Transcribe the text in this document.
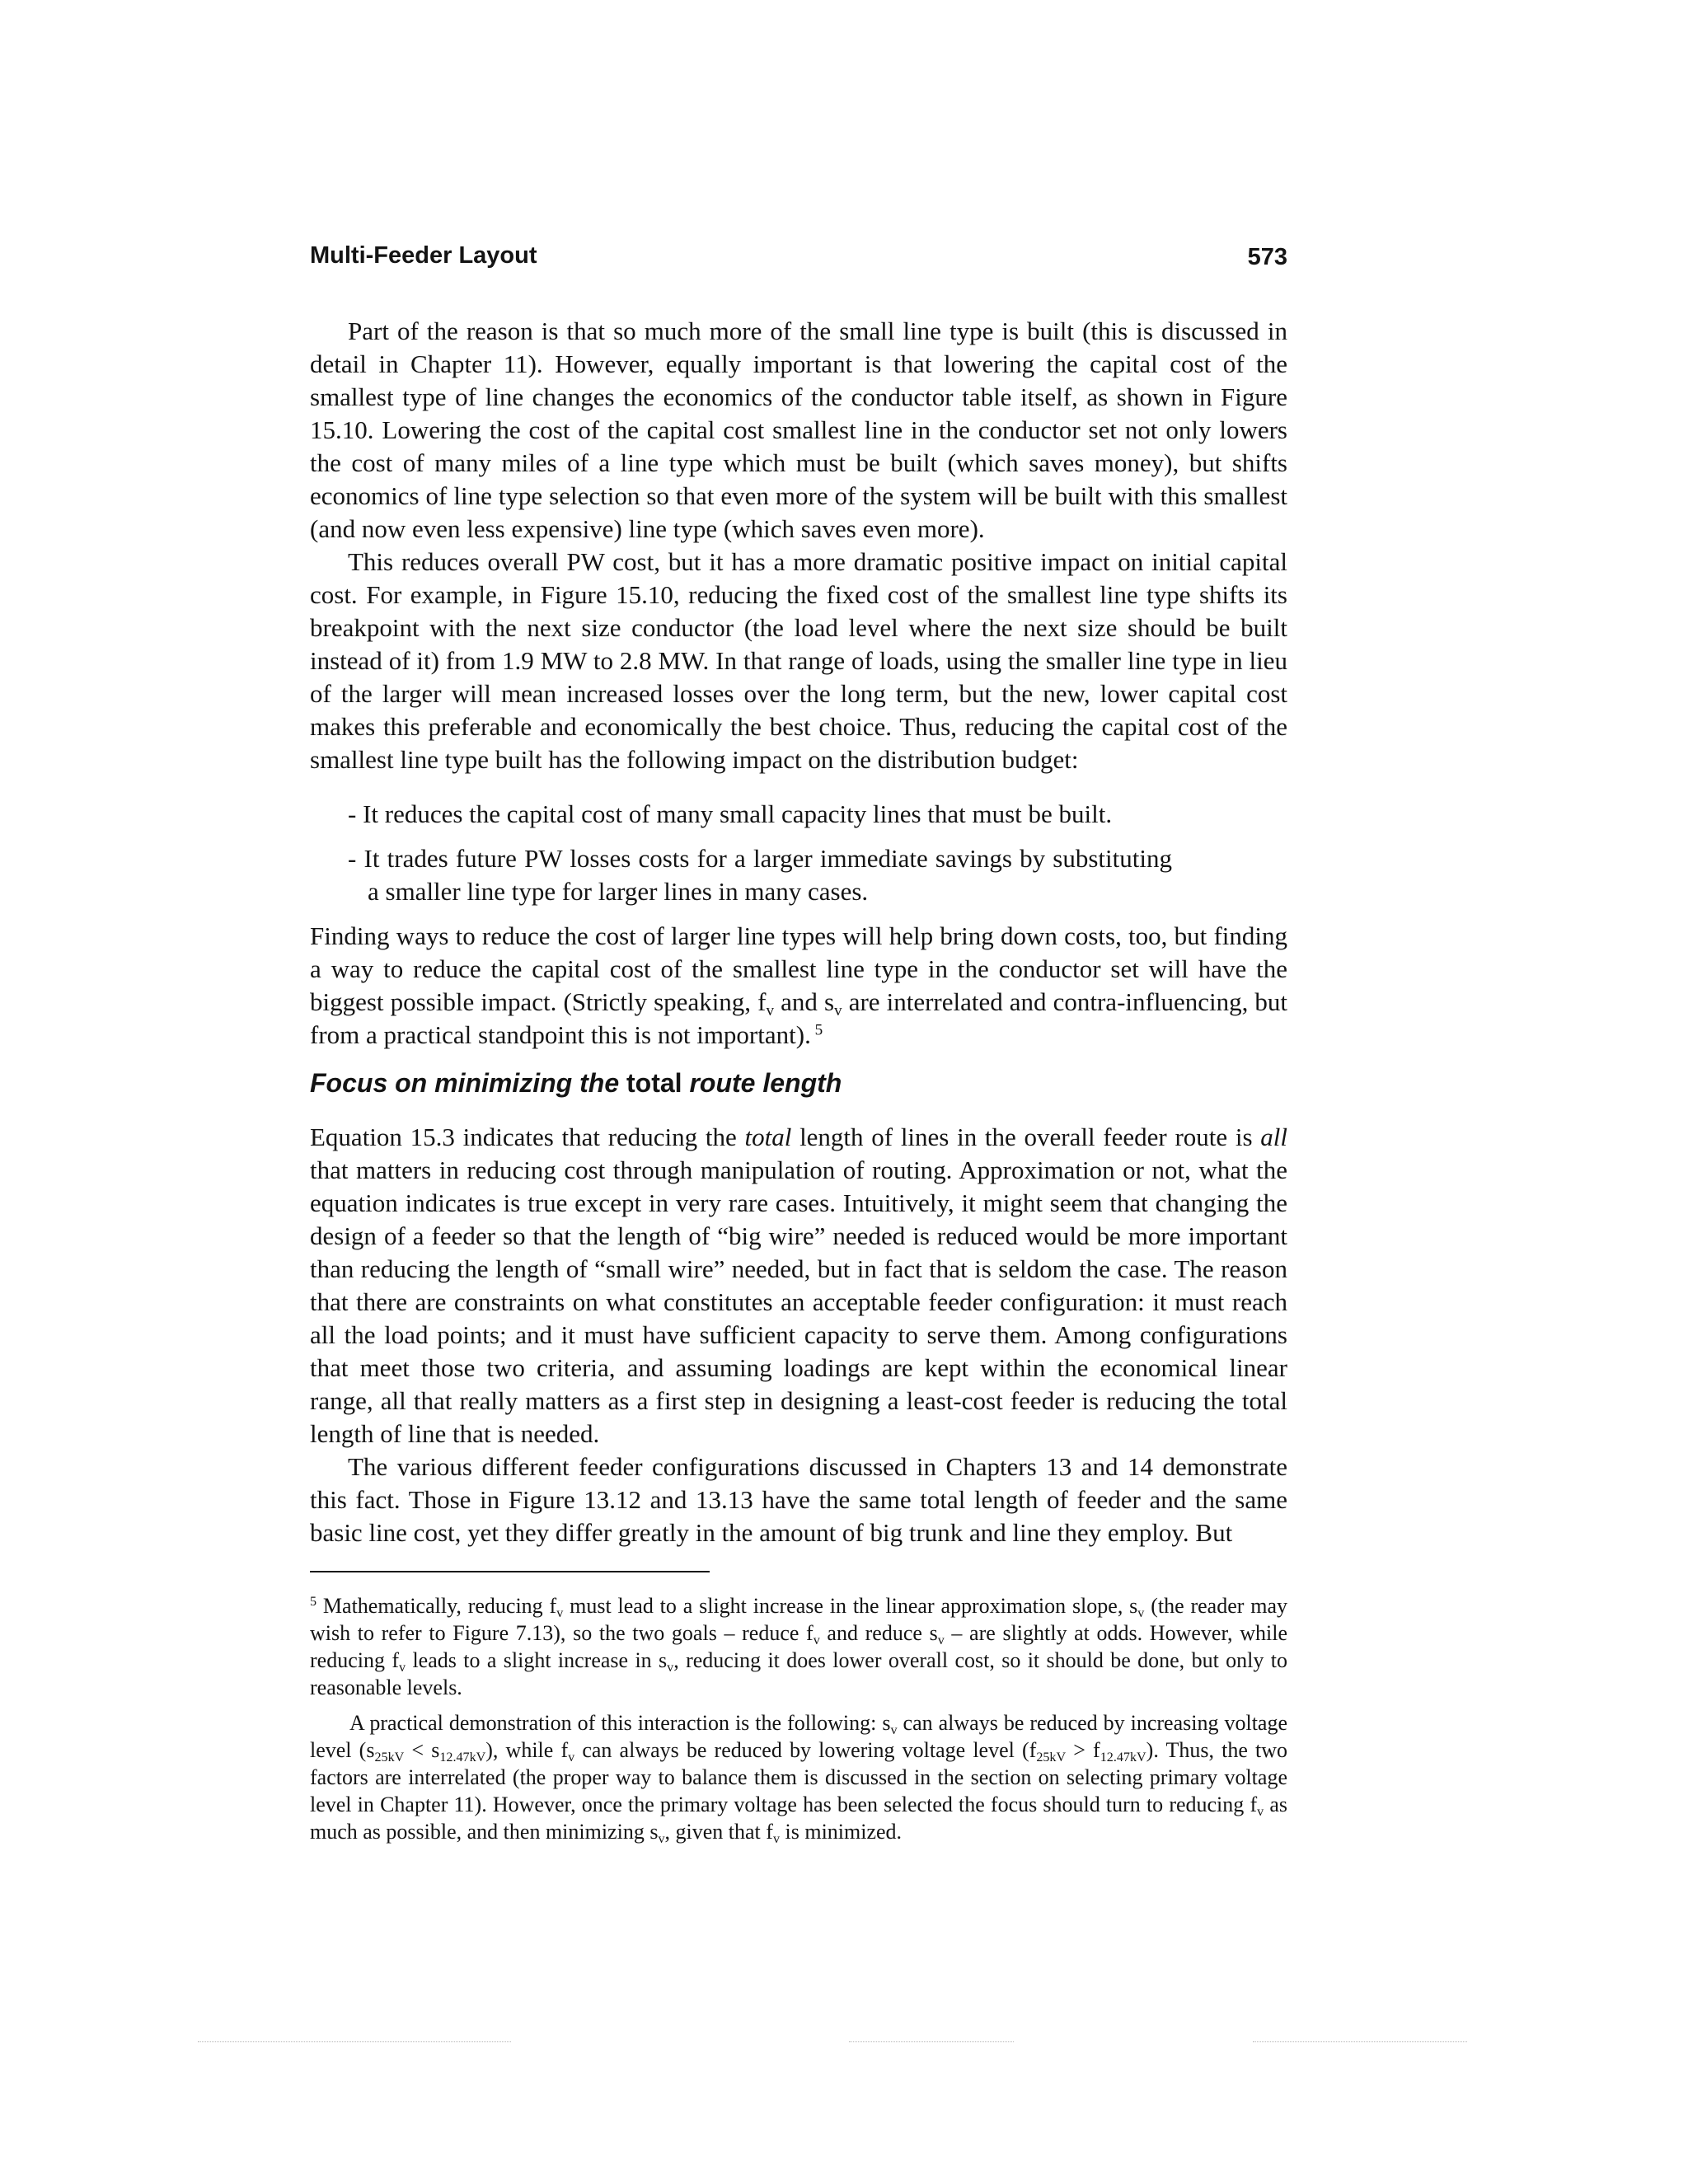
Multi-Feeder Layout	573

Part of the reason is that so much more of the small line type is built (this is discussed in detail in Chapter 11). However, equally important is that lowering the capital cost of the smallest type of line changes the economics of the conductor table itself, as shown in Figure 15.10. Lowering the cost of the capital cost smallest line in the conductor set not only lowers the cost of many miles of a line type which must be built (which saves money), but shifts economics of line type selection so that even more of the system will be built with this smallest (and now even less expensive) line type (which saves even more).

This reduces overall PW cost, but it has a more dramatic positive impact on initial capital cost. For example, in Figure 15.10, reducing the fixed cost of the smallest line type shifts its breakpoint with the next size conductor (the load level where the next size should be built instead of it) from 1.9 MW to 2.8 MW. In that range of loads, using the smaller line type in lieu of the larger will mean increased losses over the long term, but the new, lower capital cost makes this preferable and economically the best choice. Thus, reducing the capital cost of the smallest line type built has the following impact on the distribution budget:

- It reduces the capital cost of many small capacity lines that must be built.
- It trades future PW losses costs for a larger immediate savings by substituting a smaller line type for larger lines in many cases.

Finding ways to reduce the cost of larger line types will help bring down costs, too, but finding a way to reduce the capital cost of the smallest line type in the conductor set will have the biggest possible impact. (Strictly speaking, $f_v$ and $s_v$ are interrelated and contra-influencing, but from a practical standpoint this is not important). $^5$

Focus on minimizing the total route length

Equation 15.3 indicates that reducing the total length of lines in the overall feeder route is all that matters in reducing cost through manipulation of routing. Approximation or not, what the equation indicates is true except in very rare cases. Intuitively, it might seem that changing the design of a feeder so that the length of “big wire” needed is reduced would be more important than reducing the length of “small wire” needed, but in fact that is seldom the case. The reason that there are constraints on what constitutes an acceptable feeder configuration: it must reach all the load points; and it must have sufficient capacity to serve them. Among configurations that meet those two criteria, and assuming loadings are kept within the economical linear range, all that really matters as a first step in designing a least-cost feeder is reducing the total length of line that is needed.

The various different feeder configurations discussed in Chapters 13 and 14 demonstrate this fact. Those in Figure 13.12 and 13.13 have the same total length of feeder and the same basic line cost, yet they differ greatly in the amount of big trunk and line they employ. But

$^5$ Mathematically, reducing $f_v$ must lead to a slight increase in the linear approximation slope, $s_v$ (the reader may wish to refer to Figure 7.13), so the two goals – reduce $f_v$ and reduce $s_v$ – are slightly at odds. However, while reducing $f_v$ leads to a slight increase in $s_v$, reducing it does lower overall cost, so it should be done, but only to reasonable levels.

A practical demonstration of this interaction is the following: $s_v$ can always be reduced by increasing voltage level $(s_{25kV} < s_{12.47kV})$, while $f_v$ can always be reduced by lowering voltage level $(f_{25kV} > f_{12.47kV})$. Thus, the two factors are interrelated (the proper way to balance them is discussed in the section on selecting primary voltage level in Chapter 11). However, once the primary voltage has been selected the focus should turn to reducing $f_v$ as much as possible, and then minimizing $s_v$, given that $f_v$ is minimized.
